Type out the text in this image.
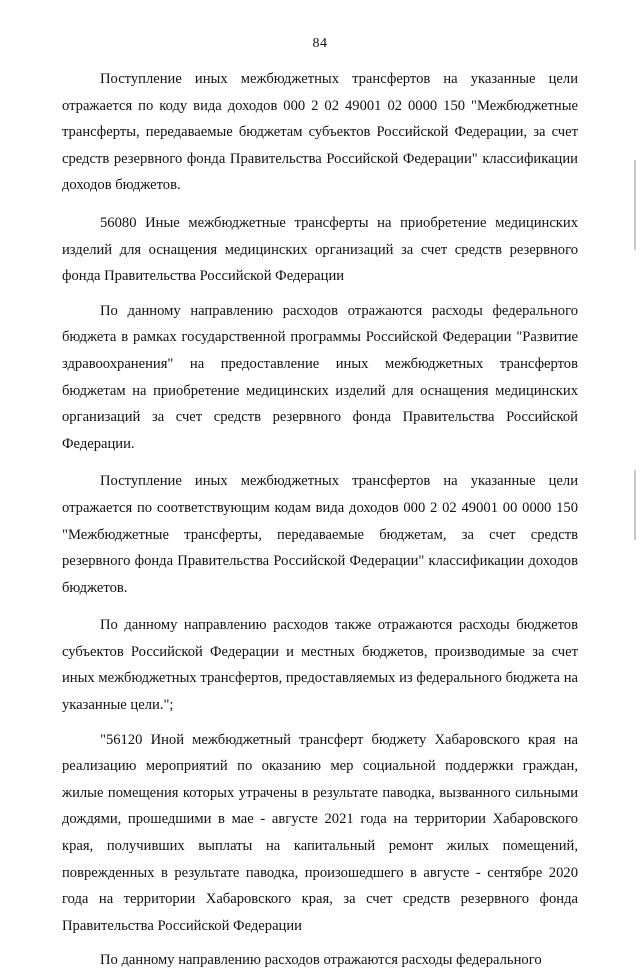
84

Поступление иных межбюджетных трансфертов на указанные цели отражается по коду вида доходов 000 2 02 49001 02 0000 150 "Межбюджетные трансферты, передаваемые бюджетам субъектов Российской Федерации, за счет средств резервного фонда Правительства Российской Федерации" классификации доходов бюджетов.

56080 Иные межбюджетные трансферты на приобретение медицинских изделий для оснащения медицинских организаций за счет средств резервного фонда Правительства Российской Федерации

По данному направлению расходов отражаются расходы федерального бюджета в рамках государственной программы Российской Федерации "Развитие здравоохранения" на предоставление иных межбюджетных трансфертов бюджетам на приобретение медицинских изделий для оснащения медицинских организаций за счет средств резервного фонда Правительства Российской Федерации.

Поступление иных межбюджетных трансфертов на указанные цели отражается по соответствующим кодам вида доходов 000 2 02 49001 00 0000 150 "Межбюджетные трансферты, передаваемые бюджетам, за счет средств резервного фонда Правительства Российской Федерации" классификации доходов бюджетов.

По данному направлению расходов также отражаются расходы бюджетов субъектов Российской Федерации и местных бюджетов, производимые за счет иных межбюджетных трансфертов, предоставляемых из федерального бюджета на указанные цели.";

"56120 Иной межбюджетный трансферт бюджету Хабаровского края на реализацию мероприятий по оказанию мер социальной поддержки граждан, жилые помещения которых утрачены в результате паводка, вызванного сильными дождями, прошедшими в мае - августе 2021 года на территории Хабаровского края, получивших выплаты на капитальный ремонт жилых помещений, поврежденных в результате паводка, произошедшего в августе - сентябре 2020 года на территории Хабаровского края, за счет средств резервного фонда Правительства Российской Федерации

По данному направлению расходов отражаются расходы федерального
